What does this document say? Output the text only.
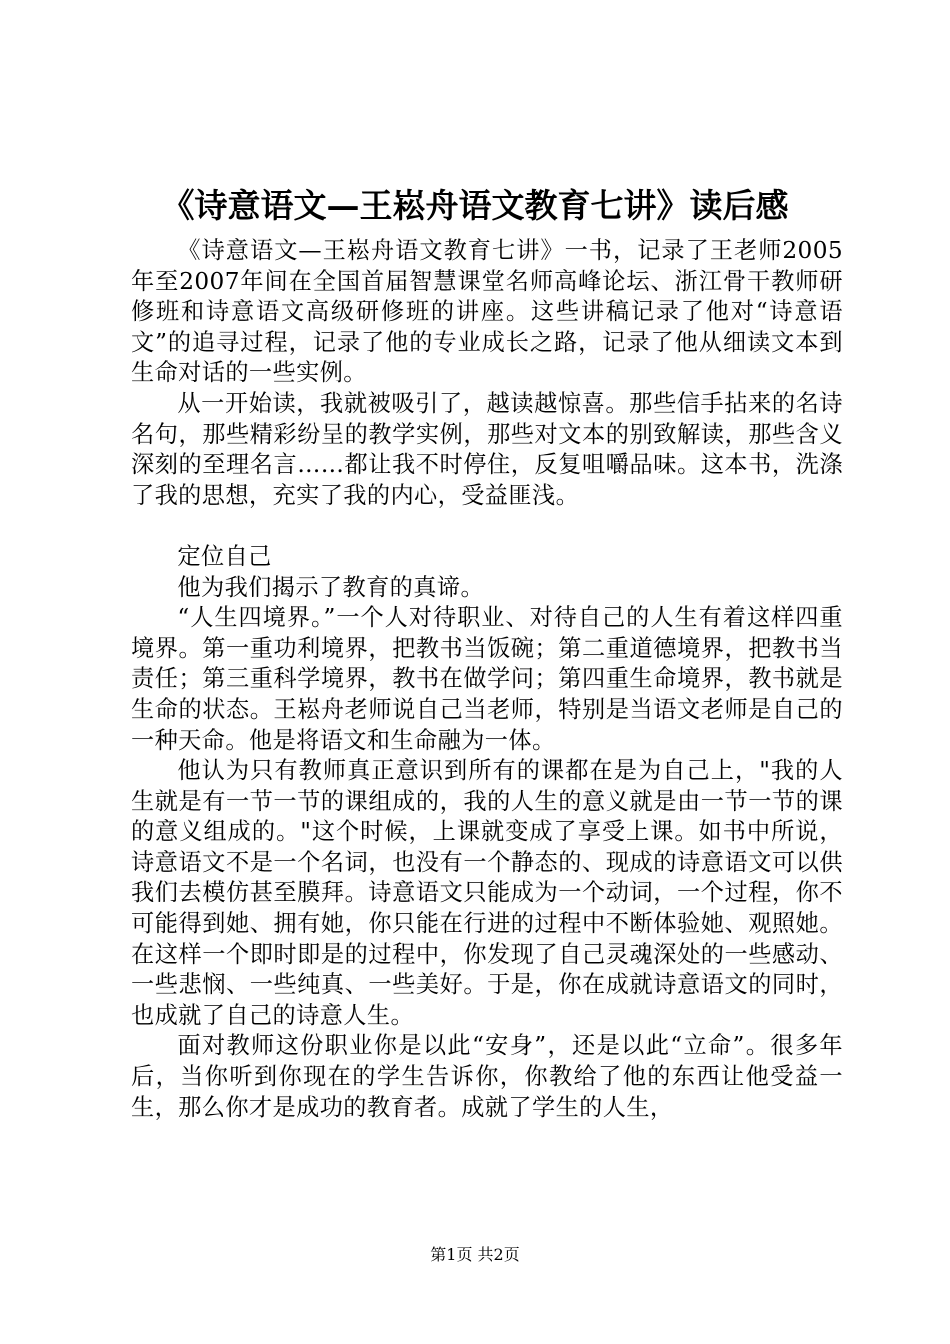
《诗意语文—王崧舟语文教育七讲》读后感

《诗意语文—王崧舟语文教育七讲》一书，记录了王老师2005年至2007年间在全国首届智慧课堂名师高峰论坛、浙江骨干教师研修班和诗意语文高级研修班的讲座。这些讲稿记录了他对“诗意语文”的追寻过程，记录了他的专业成长之路，记录了他从细读文本到生命对话的一些实例。

从一开始读，我就被吸引了，越读越惊喜。那些信手拈来的名诗名句，那些精彩纷呈的教学实例，那些对文本的别致解读，那些含义深刻的至理名言……都让我不时停住，反复咀嚼品味。这本书，洗涤了我的思想，充实了我的内心，受益匪浅。

定位自己

他为我们揭示了教育的真谛。

“人生四境界。”一个人对待职业、对待自己的人生有着这样四重境界。第一重功利境界，把教书当饭碗；第二重道德境界，把教书当责任；第三重科学境界，教书在做学问；第四重生命境界，教书就是生命的状态。王崧舟老师说自己当老师，特别是当语文老师是自己的一种天命。他是将语文和生命融为一体。

他认为只有教师真正意识到所有的课都在是为自己上，"我的人生就是有一节一节的课组成的，我的人生的意义就是由一节一节的课的意义组成的。"这个时候，上课就变成了享受上课。如书中所说，诗意语文不是一个名词，也没有一个静态的、现成的诗意语文可以供我们去模仿甚至膜拜。诗意语文只能成为一个动词，一个过程，你不可能得到她、拥有她，你只能在行进的过程中不断体验她、观照她。在这样一个即时即是的过程中，你发现了自己灵魂深处的一些感动、一些悲悯、一些纯真、一些美好。于是，你在成就诗意语文的同时，也成就了自己的诗意人生。

面对教师这份职业你是以此“安身”，还是以此“立命”。很多年后，当你听到你现在的学生告诉你，你教给了他的东西让他受益一生，那么你才是成功的教育者。成就了学生的人生，

第1页 共2页
